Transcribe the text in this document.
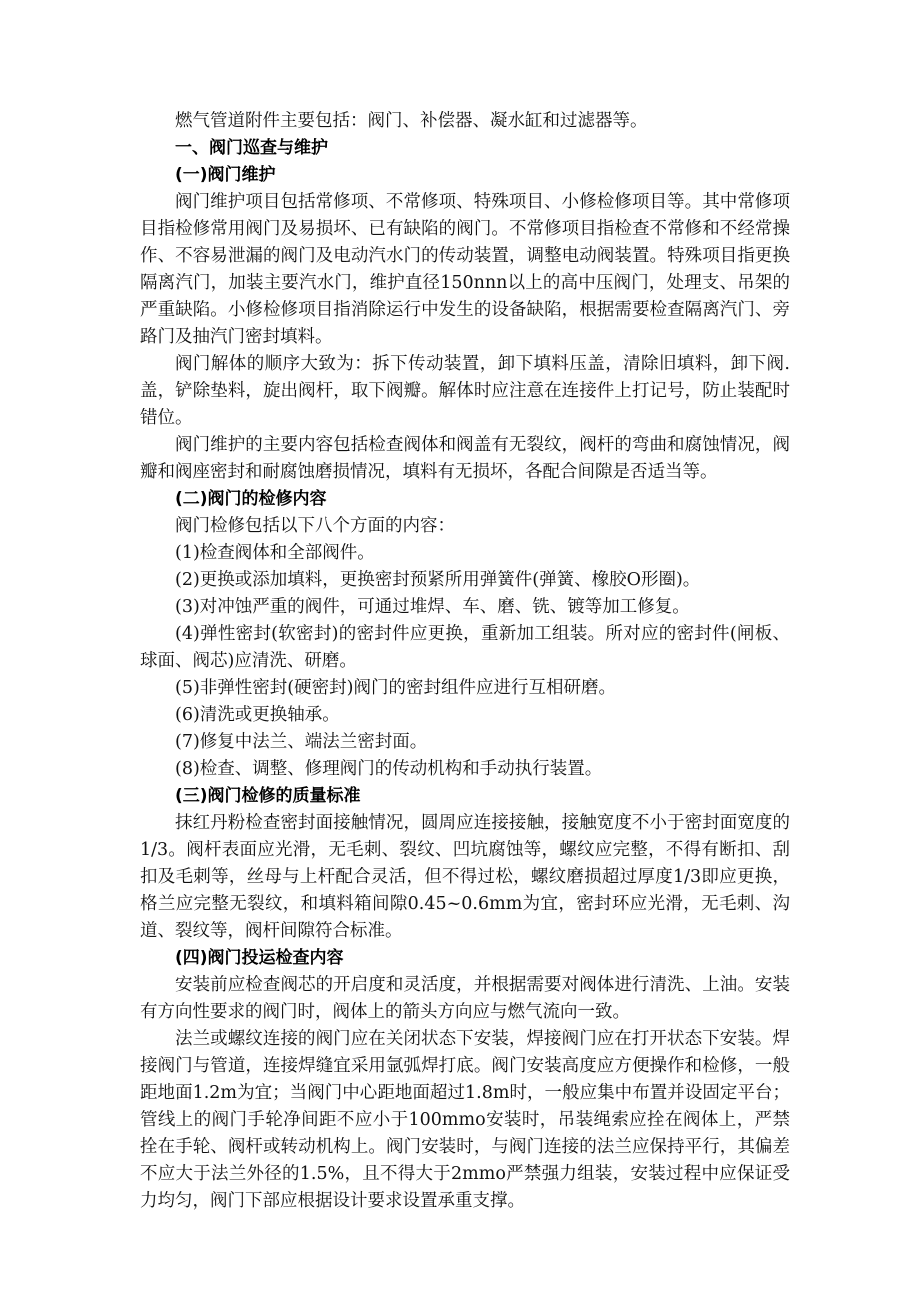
燃气管道附件主要包括：阀门、补偿器、凝水缸和过滤器等。

一、阀门巡查与维护

(一)阀门维护

阀门维护项目包括常修项、不常修项、特殊项目、小修检修项目等。其中常修项目指检修常用阀门及易损坏、已有缺陷的阀门。不常修项目指检查不常修和不经常操作、不容易泄漏的阀门及电动汽水门的传动装置，调整电动阀装置。特殊项目指更换隔离汽门，加装主要汽水门，维护直径150nnn以上的高中压阀门，处理支、吊架的严重缺陷。小修检修项目指消除运行中发生的设备缺陷，根据需要检查隔离汽门、旁路门及抽汽门密封填料。

阀门解体的顺序大致为：拆下传动装置，卸下填料压盖，清除旧填料，卸下阀.盖，铲除垫料，旋出阀杆，取下阀瓣。解体时应注意在连接件上打记号，防止装配时错位。

阀门维护的主要内容包括检查阀体和阀盖有无裂纹，阀杆的弯曲和腐蚀情况，阀瓣和阀座密封和耐腐蚀磨损情况，填料有无损坏，各配合间隙是否适当等。

(二)阀门的检修内容

阀门检修包括以下八个方面的内容：

(1)检查阀体和全部阀件。

(2)更换或添加填料，更换密封预紧所用弹簧件(弹簧、橡胶O形圈)。

(3)对冲蚀严重的阀件，可通过堆焊、车、磨、铣、镀等加工修复。

(4)弹性密封(软密封)的密封件应更换，重新加工组装。所对应的密封件(闸板、球面、阀芯)应清洗、研磨。

(5)非弹性密封(硬密封)阀门的密封组件应进行互相研磨。

(6)清洗或更换轴承。

(7)修复中法兰、端法兰密封面。

(8)检查、调整、修理阀门的传动机构和手动执行装置。

(三)阀门检修的质量标准

抹红丹粉检查密封面接触情况，圆周应连接接触，接触宽度不小于密封面宽度的1/3。阀杆表面应光滑，无毛刺、裂纹、凹坑腐蚀等，螺纹应完整，不得有断扣、刮扣及毛刺等，丝母与上杆配合灵活，但不得过松，螺纹磨损超过厚度1/3即应更换，格兰应完整无裂纹，和填料箱间隙0.45~0.6mm为宜，密封环应光滑，无毛刺、沟道、裂纹等，阀杆间隙符合标准。

(四)阀门投运检查内容

安装前应检查阀芯的开启度和灵活度，并根据需要对阀体进行清洗、上油。安装有方向性要求的阀门时，阀体上的箭头方向应与燃气流向一致。

法兰或螺纹连接的阀门应在关闭状态下安装，焊接阀门应在打开状态下安装。焊接阀门与管道，连接焊缝宜采用氩弧焊打底。阀门安装高度应方便操作和检修，一般距地面1.2m为宜；当阀门中心距地面超过1.8m时，一般应集中布置并设固定平台；管线上的阀门手轮净间距不应小于100mmo安装时，吊装绳索应拴在阀体上，严禁拴在手轮、阀杆或转动机构上。阀门安装时，与阀门连接的法兰应保持平行，其偏差不应大于法兰外径的1.5%，且不得大于2mmo严禁强力组装，安装过程中应保证受力均匀，阀门下部应根据设计要求设置承重支撑。
